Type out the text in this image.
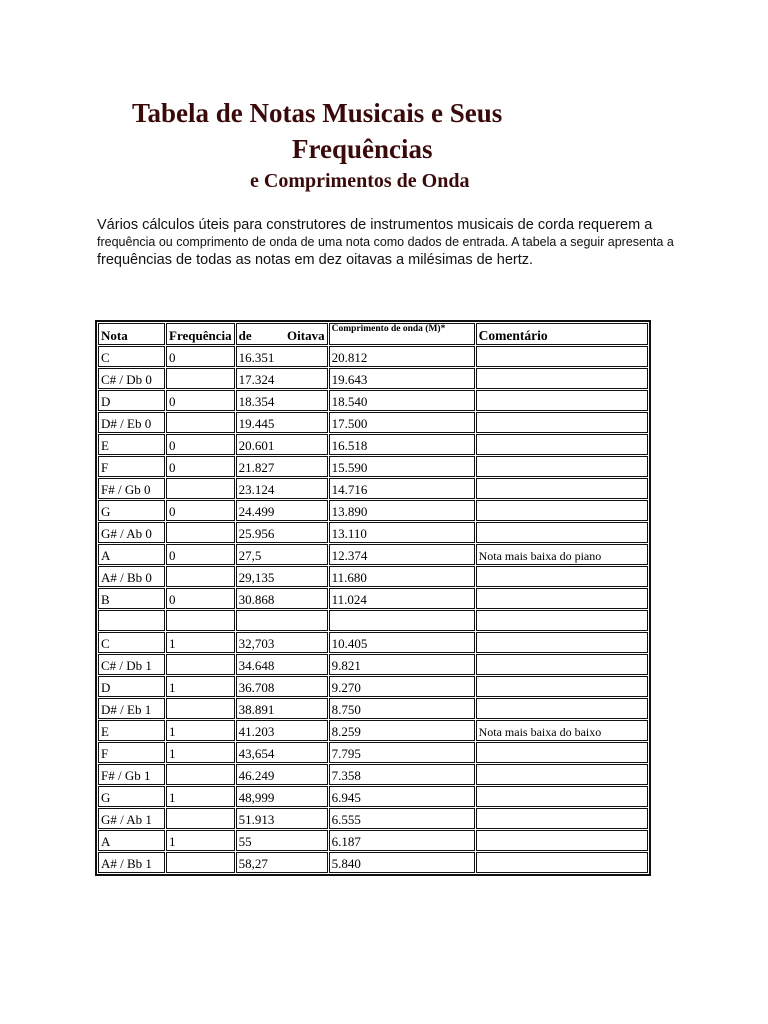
Tabela de Notas Musicais e Seus
Frequências
e Comprimentos de Onda
Vários cálculos úteis para construtores de instrumentos musicais de corda requerem a
frequência ou comprimento de onda de uma nota como dados de entrada. A tabela a seguir apresenta a
frequências de todas as notas em dez oitavas a milésimas de hertz.
Nota	Frequência	de Oitava	Comprimento de onda (M)*	Comentário
C	0	16.351	20.812	
C# / Db 0		17.324	19.643	
D	0	18.354	18.540	
D# / Eb 0		19.445	17.500	
E	0	20.601	16.518	
F	0	21.827	15.590	
F# / Gb 0		23.124	14.716	
G	0	24.499	13.890	
G# / Ab 0		25.956	13.110	
A	0	27,5	12.374	Nota mais baixa do piano
A# / Bb 0		29,135	11.680	
B	0	30.868	11.024	

C	1	32,703	10.405	
C# / Db 1		34.648	9.821	
D	1	36.708	9.270	
D# / Eb 1		38.891	8.750	
E	1	41.203	8.259	Nota mais baixa do baixo
F	1	43,654	7.795	
F# / Gb 1		46.249	7.358	
G	1	48,999	6.945	
G# / Ab 1		51.913	6.555	
A	1	55	6.187	
A# / Bb 1		58,27	5.840	
